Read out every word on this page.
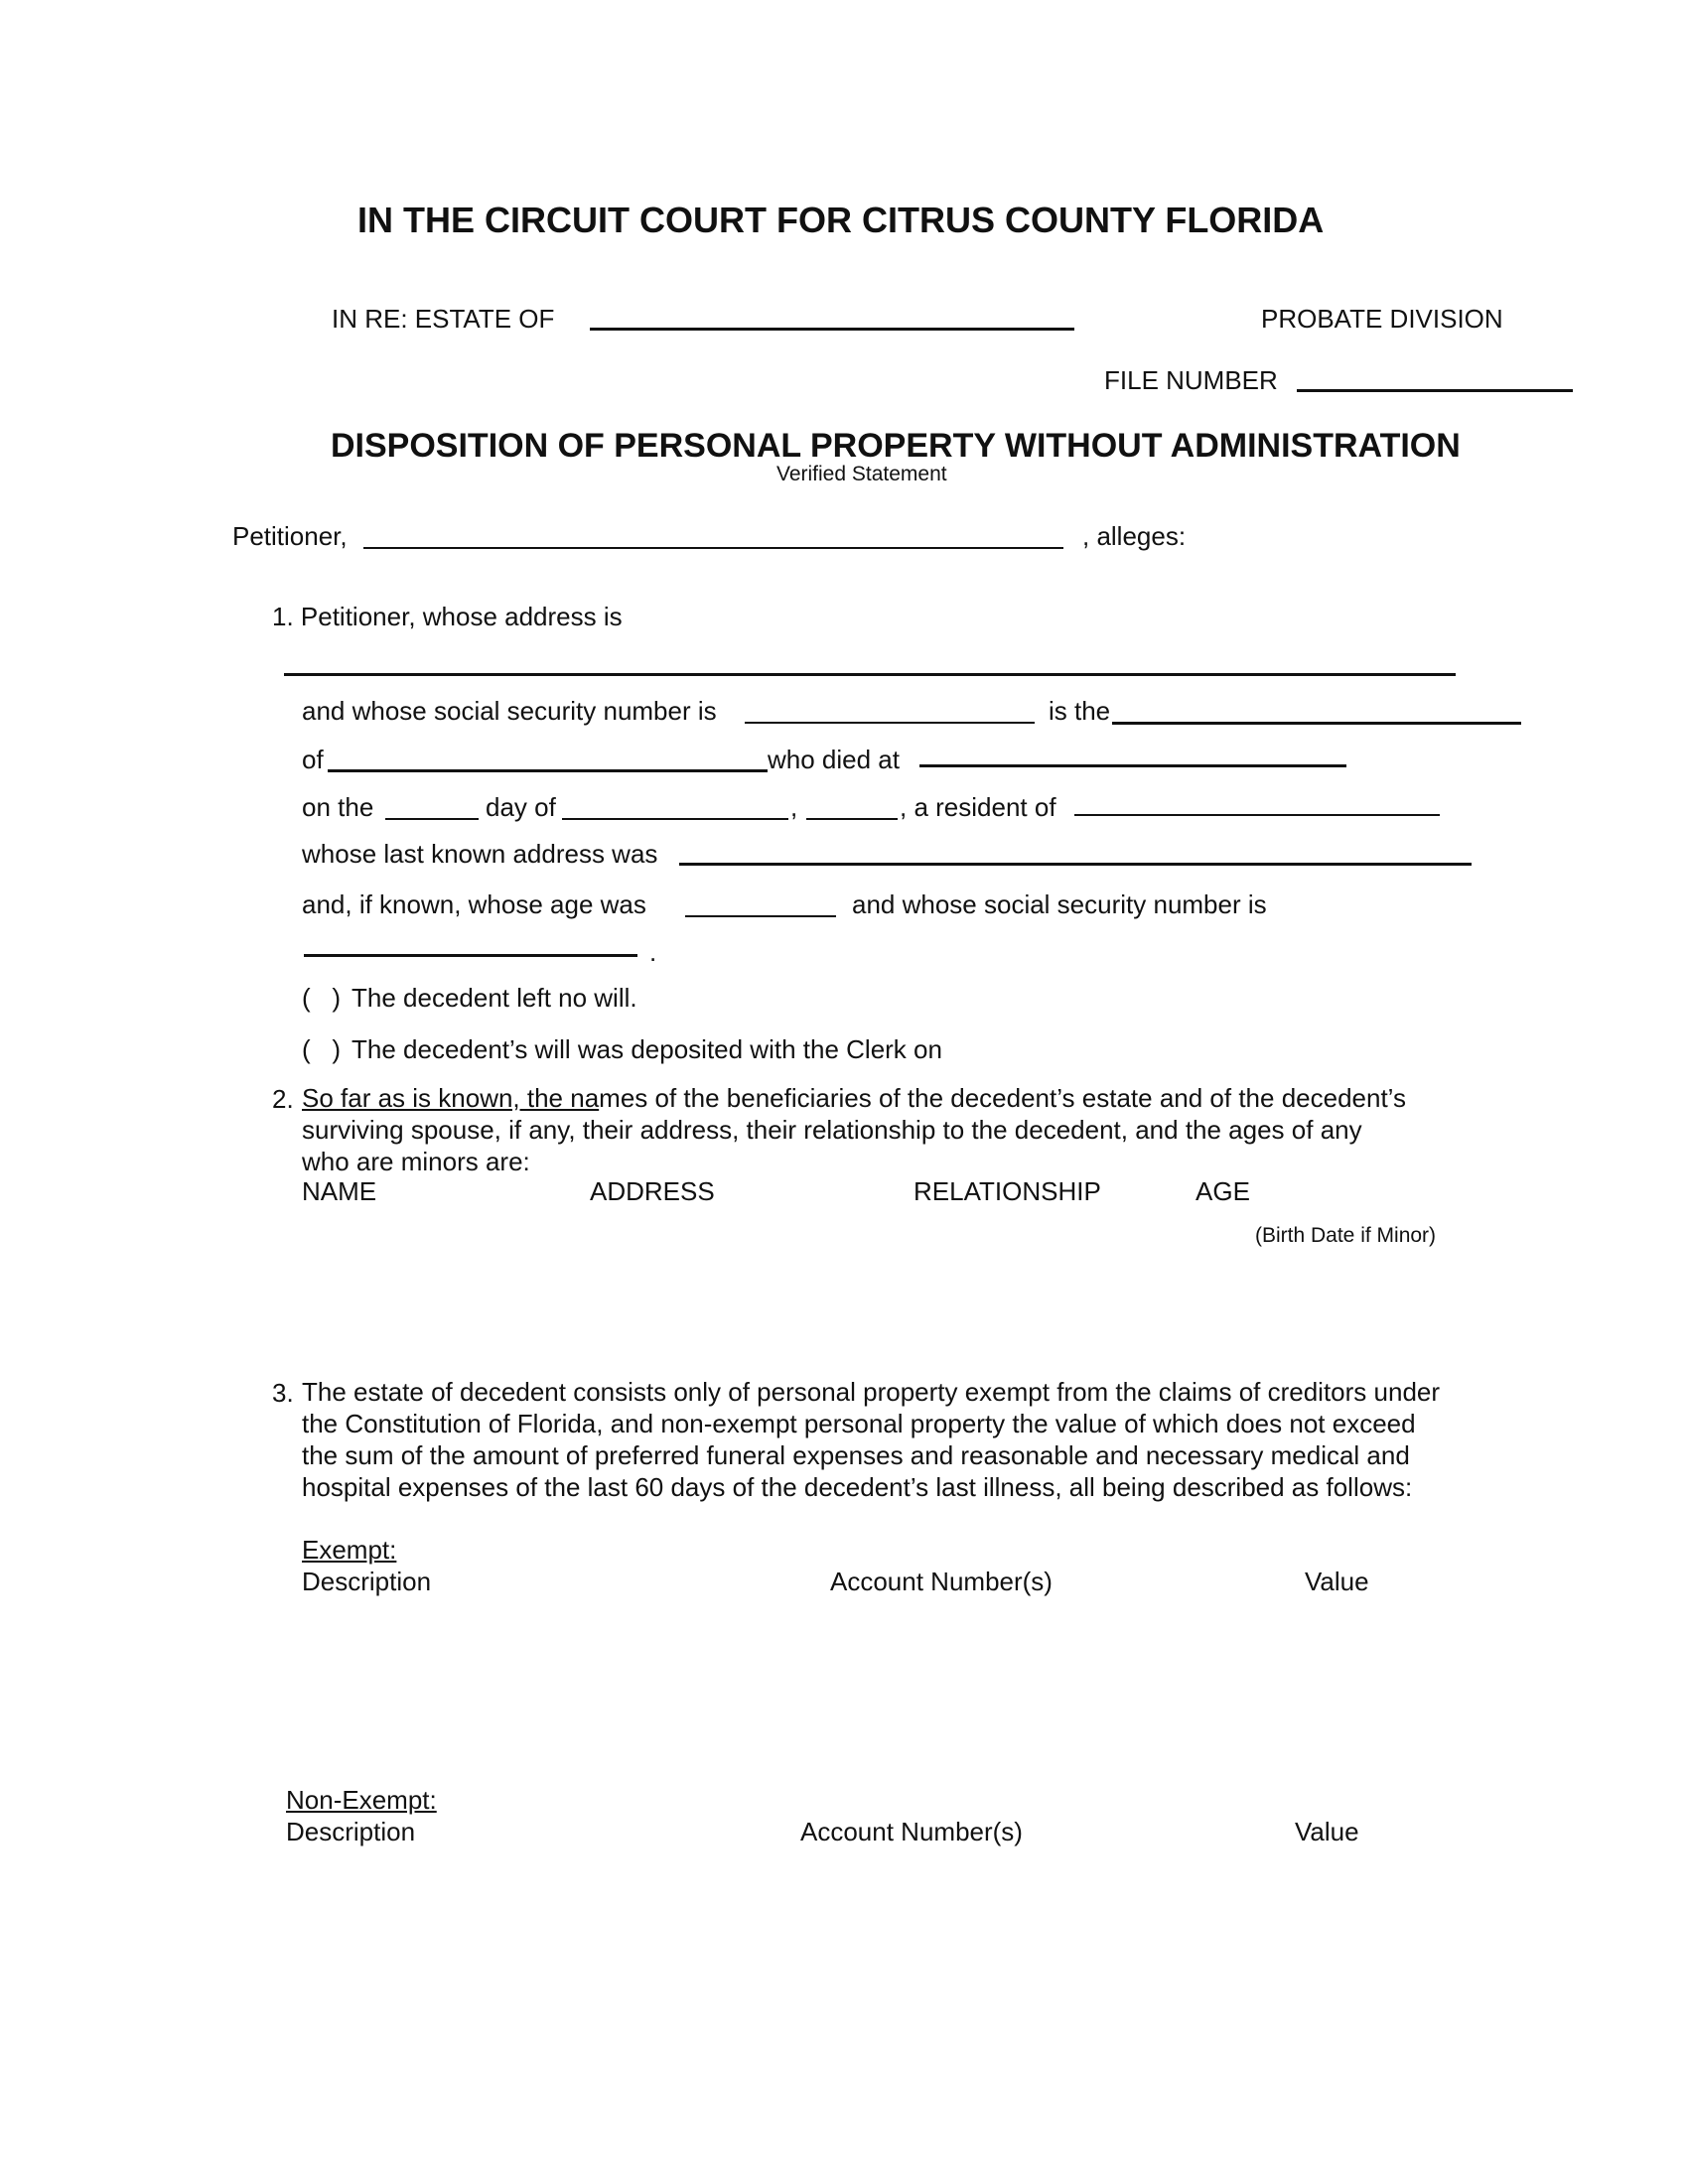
IN THE CIRCUIT COURT FOR CITRUS COUNTY FLORIDA
IN RE: ESTATE OF	PROBATE DIVISION
FILE NUMBER
DISPOSITION OF PERSONAL PROPERTY WITHOUT ADMINISTRATION
Verified Statement
Petitioner,	, alleges:
1. Petitioner, whose address is
and whose social security number is	is the
of	who died at
on the	day of	,	, a resident of
whose last known address was
and, if known, whose age was	and whose social security number is
.
(   ) The decedent left no will.
(   ) The decedent’s will was deposited with the Clerk on
2. So far as is known, the names of the beneficiaries of the decedent’s estate and of the decedent’s
surviving spouse, if any, their address, their relationship to the decedent, and the ages of any
who are minors are:
NAME	ADDRESS	RELATIONSHIP	AGE
(Birth Date if Minor)
3. The estate of decedent consists only of personal property exempt from the claims of creditors under
the Constitution of Florida, and non-exempt personal property the value of which does not exceed
the sum of the amount of preferred funeral expenses and reasonable and necessary medical and
hospital expenses of the last 60 days of the decedent’s last illness, all being described as follows:
Exempt:
Description	Account Number(s)	Value
Non-Exempt:
Description	Account Number(s)	Value
